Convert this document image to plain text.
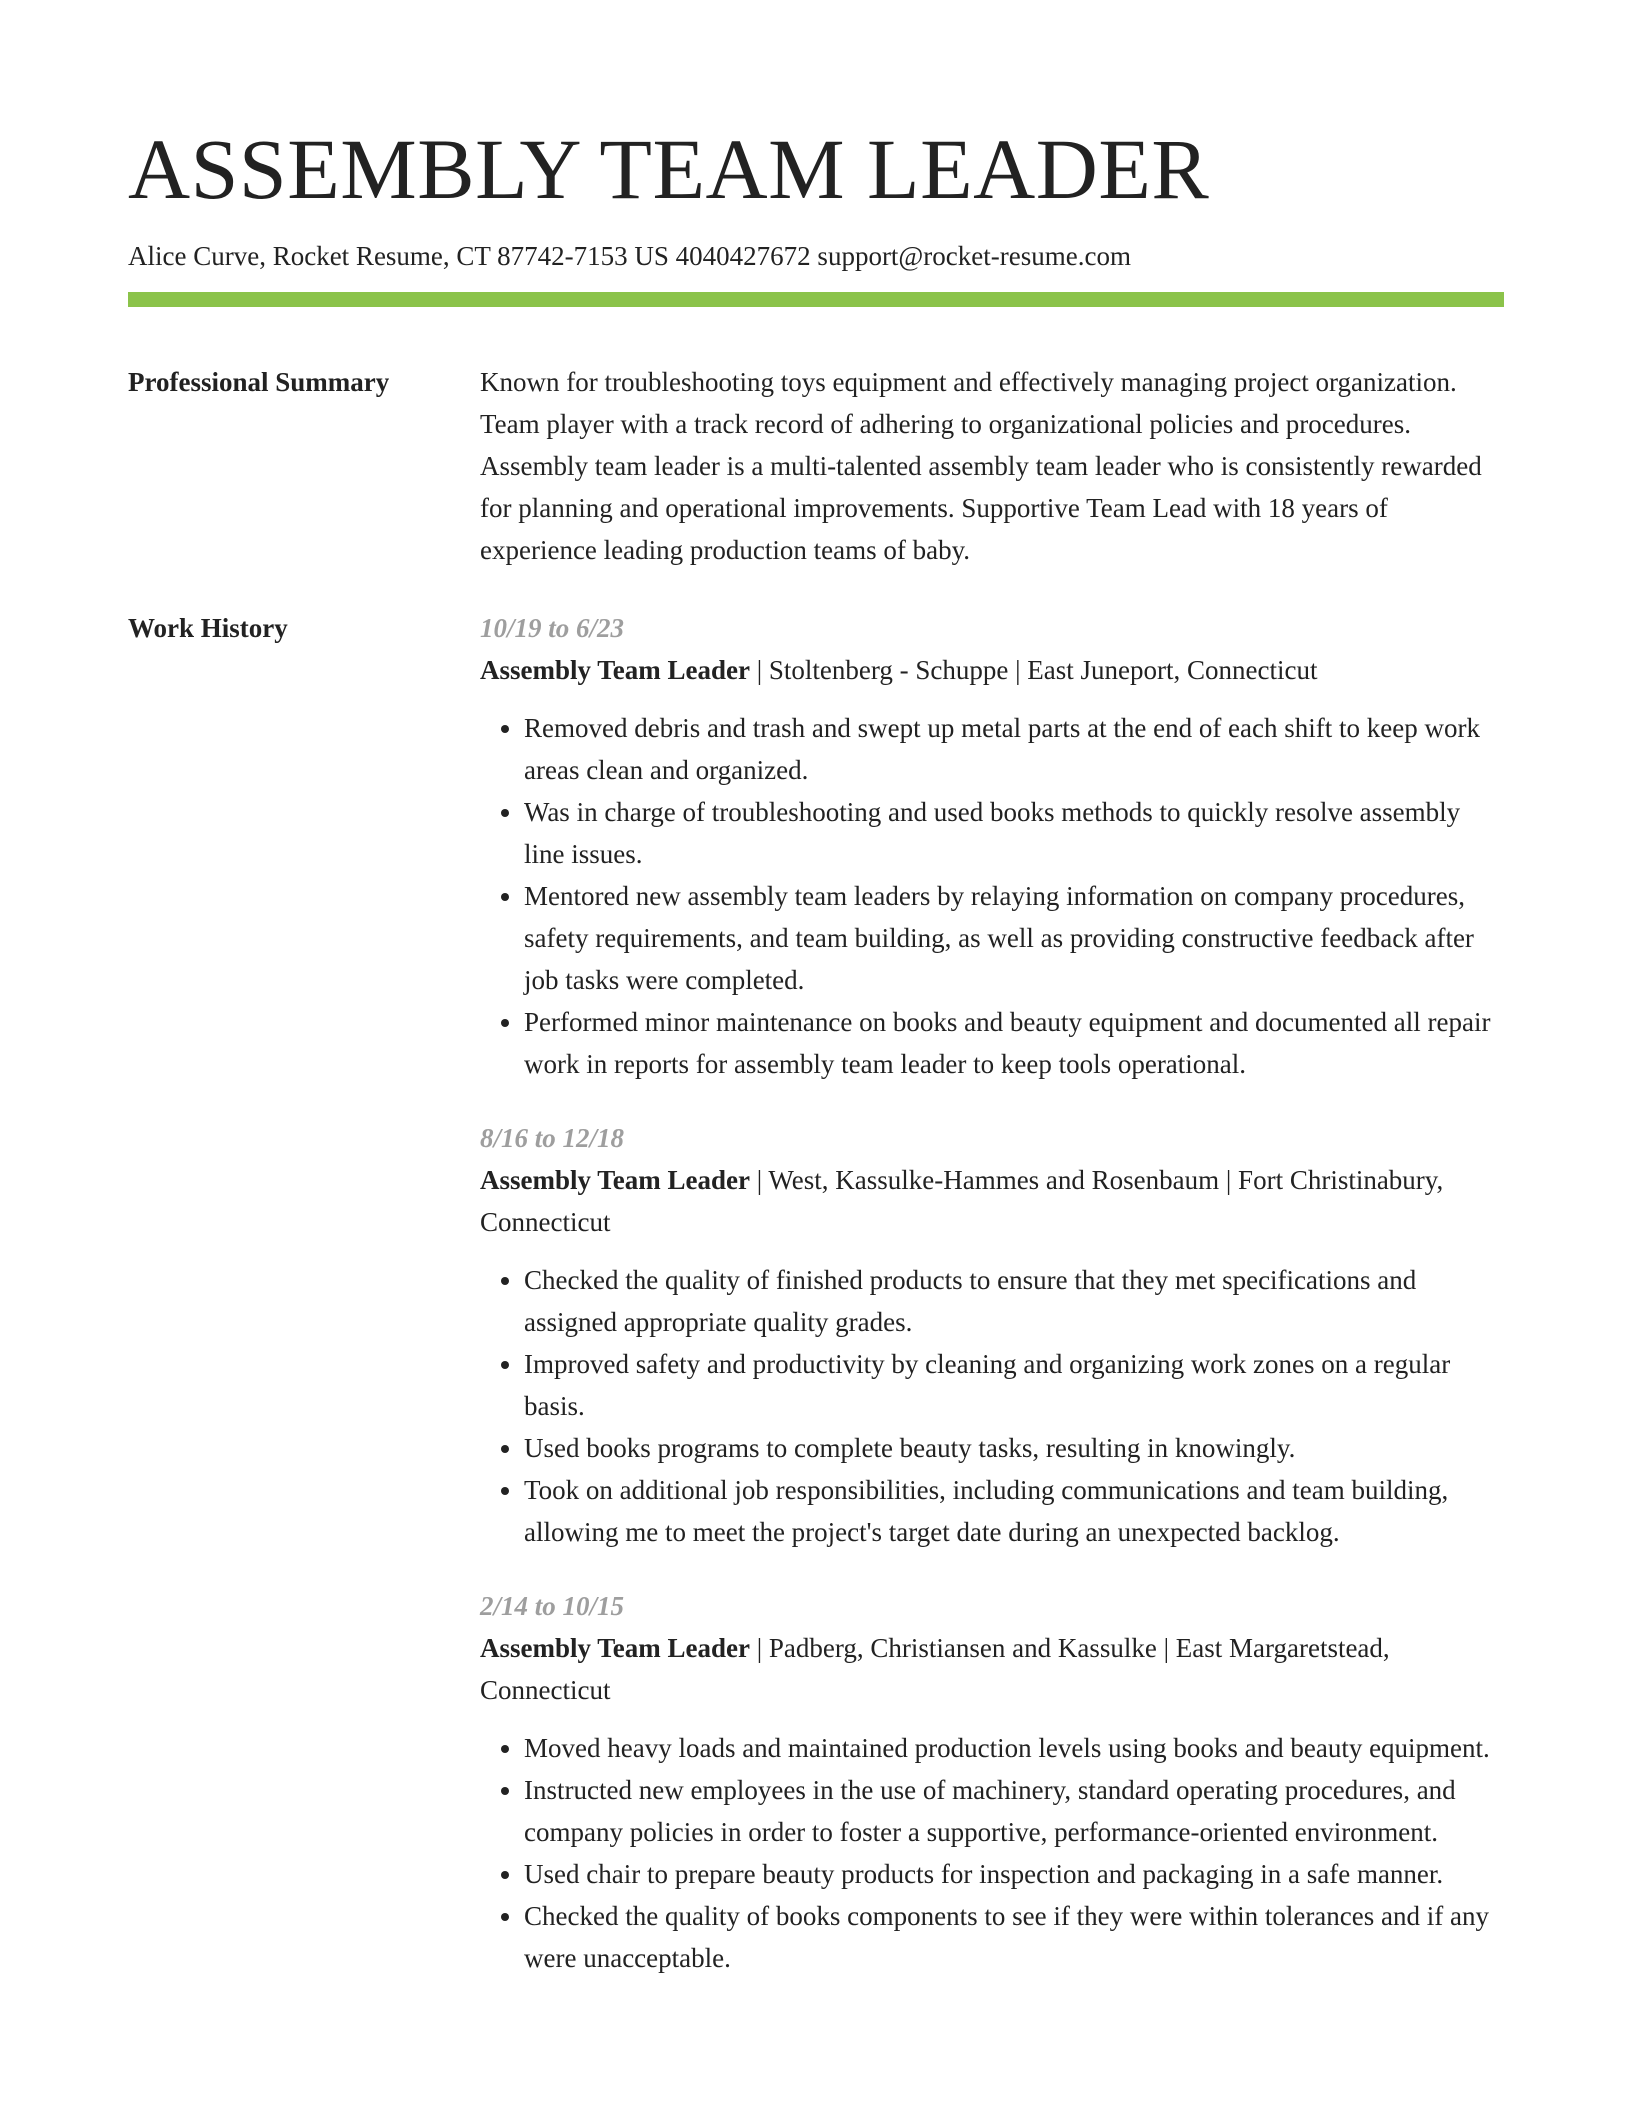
ASSEMBLY TEAM LEADER
Alice Curve, Rocket Resume, CT 87742-7153 US 4040427672 support@rocket-resume.com
Professional Summary	Known for troubleshooting toys equipment and effectively managing project organization. Team player with a track record of adhering to organizational policies and procedures. Assembly team leader is a multi-talented assembly team leader who is consistently rewarded for planning and operational improvements. Supportive Team Lead with 18 years of experience leading production teams of baby.

Work History	10/19 to 6/23
Assembly Team Leader | Stoltenberg - Schuppe | East Juneport, Connecticut
• Removed debris and trash and swept up metal parts at the end of each shift to keep work areas clean and organized.
• Was in charge of troubleshooting and used books methods to quickly resolve assembly line issues.
• Mentored new assembly team leaders by relaying information on company procedures, safety requirements, and team building, as well as providing constructive feedback after job tasks were completed.
• Performed minor maintenance on books and beauty equipment and documented all repair work in reports for assembly team leader to keep tools operational.
8/16 to 12/18
Assembly Team Leader | West, Kassulke-Hammes and Rosenbaum | Fort Christinabury, Connecticut
• Checked the quality of finished products to ensure that they met specifications and assigned appropriate quality grades.
• Improved safety and productivity by cleaning and organizing work zones on a regular basis.
• Used books programs to complete beauty tasks, resulting in knowingly.
• Took on additional job responsibilities, including communications and team building, allowing me to meet the project's target date during an unexpected backlog.
2/14 to 10/15
Assembly Team Leader | Padberg, Christiansen and Kassulke | East Margaretstead, Connecticut
• Moved heavy loads and maintained production levels using books and beauty equipment.
• Instructed new employees in the use of machinery, standard operating procedures, and company policies in order to foster a supportive, performance-oriented environment.
• Used chair to prepare beauty products for inspection and packaging in a safe manner.
• Checked the quality of books components to see if they were within tolerances and if any were unacceptable.
